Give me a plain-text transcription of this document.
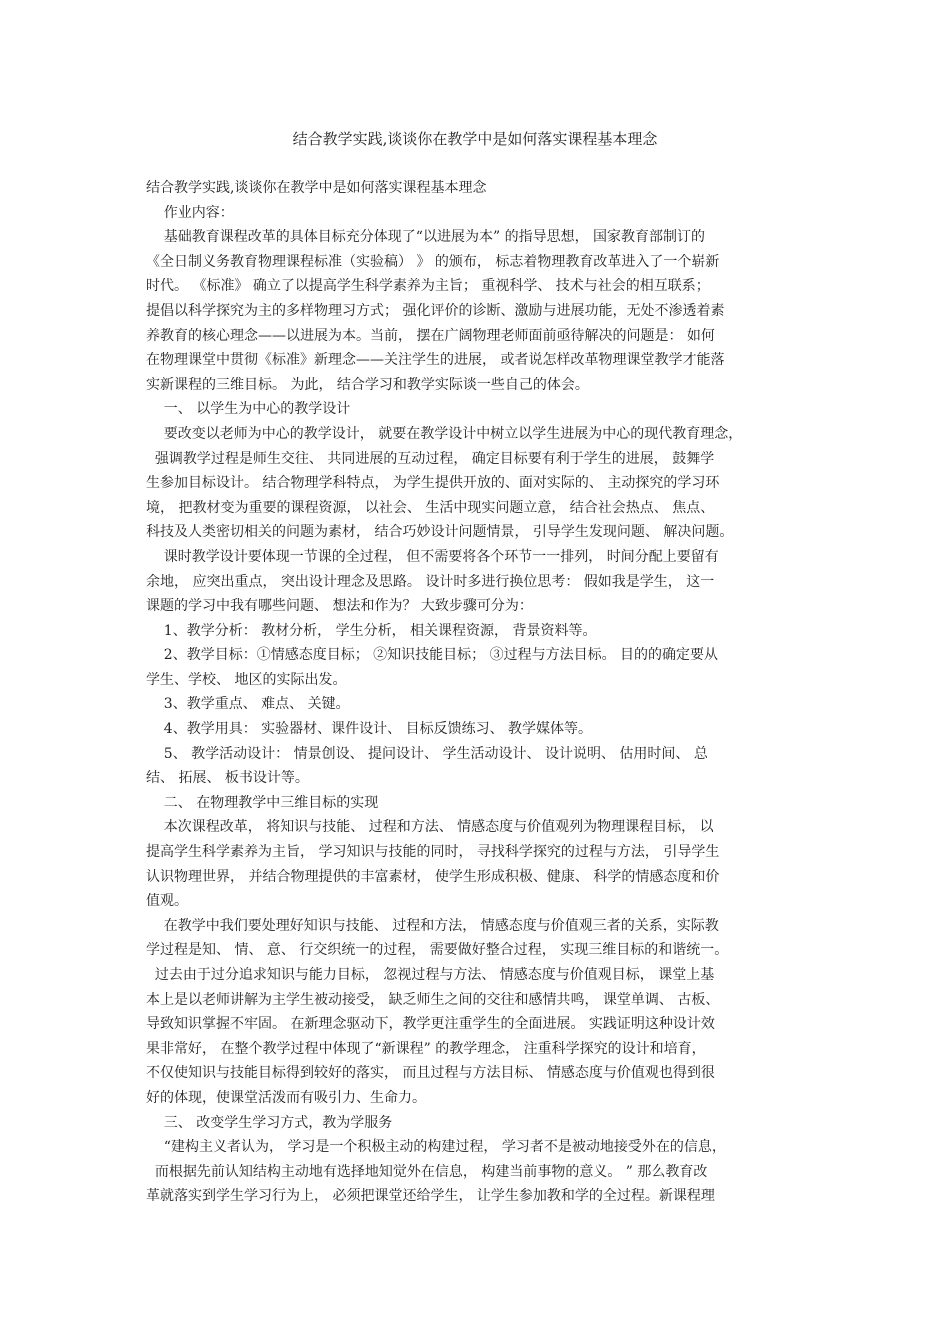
结合教学实践,谈谈你在教学中是如何落实课程基本理念
结合教学实践,谈谈你在教学中是如何落实课程基本理念
作业内容：
基础教育课程改革的具体目标充分体现了“以进展为本” 的指导思想， 国家教育部制订的
《全日制义务教育物理课程标准（实验稿） 》 的颁布， 标志着物理教育改革进入了一个崭新
时代。 《标准》 确立了以提高学生科学素养为主旨； 重视科学、 技术与社会的相互联系；
提倡以科学探究为主的多样物理习方式； 强化评价的诊断、激励与进展功能，无处不渗透着素
养教育的核心理念——以进展为本。当前， 摆在广阔物理老师面前亟待解决的问题是： 如何
在物理课堂中贯彻《标准》新理念——关注学生的进展， 或者说怎样改革物理课堂教学才能落
实新课程的三维目标。 为此， 结合学习和教学实际谈一些自己的体会。
一、 以学生为中心的教学设计
要改变以老师为中心的教学设计， 就要在教学设计中树立以学生进展为中心的现代教育理念，
强调教学过程是师生交往、 共同进展的互动过程， 确定目标要有利于学生的进展， 鼓舞学
生参加目标设计。 结合物理学科特点， 为学生提供开放的、面对实际的、 主动探究的学习环
境， 把教材变为重要的课程资源， 以社会、 生活中现实问题立意， 结合社会热点、 焦点、
科技及人类密切相关的问题为素材， 结合巧妙设计问题情景， 引导学生发现问题、 解决问题。
课时教学设计要体现一节课的全过程， 但不需要将各个环节一一排列， 时间分配上要留有
余地， 应突出重点， 突出设计理念及思路。 设计时多进行换位思考： 假如我是学生， 这一
课题的学习中我有哪些问题、 想法和作为？ 大致步骤可分为：
1、教学分析： 教材分析， 学生分析， 相关课程资源， 背景资料等。
2、教学目标：①情感态度目标； ②知识技能目标； ③过程与方法目标。 目的的确定要从
学生、学校、 地区的实际出发。
3、教学重点、 难点、 关键。
4、教学用具： 实验器材、课件设计、 目标反馈练习、 教学媒体等。
5、 教学活动设计： 情景创设、 提问设计、 学生活动设计、 设计说明、 估用时间、 总
结、 拓展、 板书设计等。
二、 在物理教学中三维目标的实现
本次课程改革， 将知识与技能、 过程和方法、 情感态度与价值观列为物理课程目标， 以
提高学生科学素养为主旨， 学习知识与技能的同时， 寻找科学探究的过程与方法， 引导学生
认识物理世界， 并结合物理提供的丰富素材， 使学生形成积极、健康、 科学的情感态度和价
值观。
在教学中我们要处理好知识与技能、 过程和方法， 情感态度与价值观三者的关系，实际教
学过程是知、 情、 意、 行交织统一的过程， 需要做好整合过程， 实现三维目标的和谐统一。
过去由于过分追求知识与能力目标， 忽视过程与方法、 情感态度与价值观目标， 课堂上基
本上是以老师讲解为主学生被动接受， 缺乏师生之间的交往和感情共鸣， 课堂单调、 古板、
导致知识掌握不牢固。 在新理念驱动下，教学更注重学生的全面进展。 实践证明这种设计效
果非常好， 在整个教学过程中体现了“新课程” 的教学理念， 注重科学探究的设计和培育，
不仅使知识与技能目标得到较好的落实， 而且过程与方法目标、 情感态度与价值观也得到很
好的体现，使课堂活泼而有吸引力、生命力。
三、 改变学生学习方式，教为学服务
“建构主义者认为， 学习是一个积极主动的构建过程， 学习者不是被动地接受外在的信息，
而根据先前认知结构主动地有选择地知觉外在信息， 构建当前事物的意义。 ” 那么教育改
革就落实到学生学习行为上， 必须把课堂还给学生， 让学生参加教和学的全过程。新课程理
